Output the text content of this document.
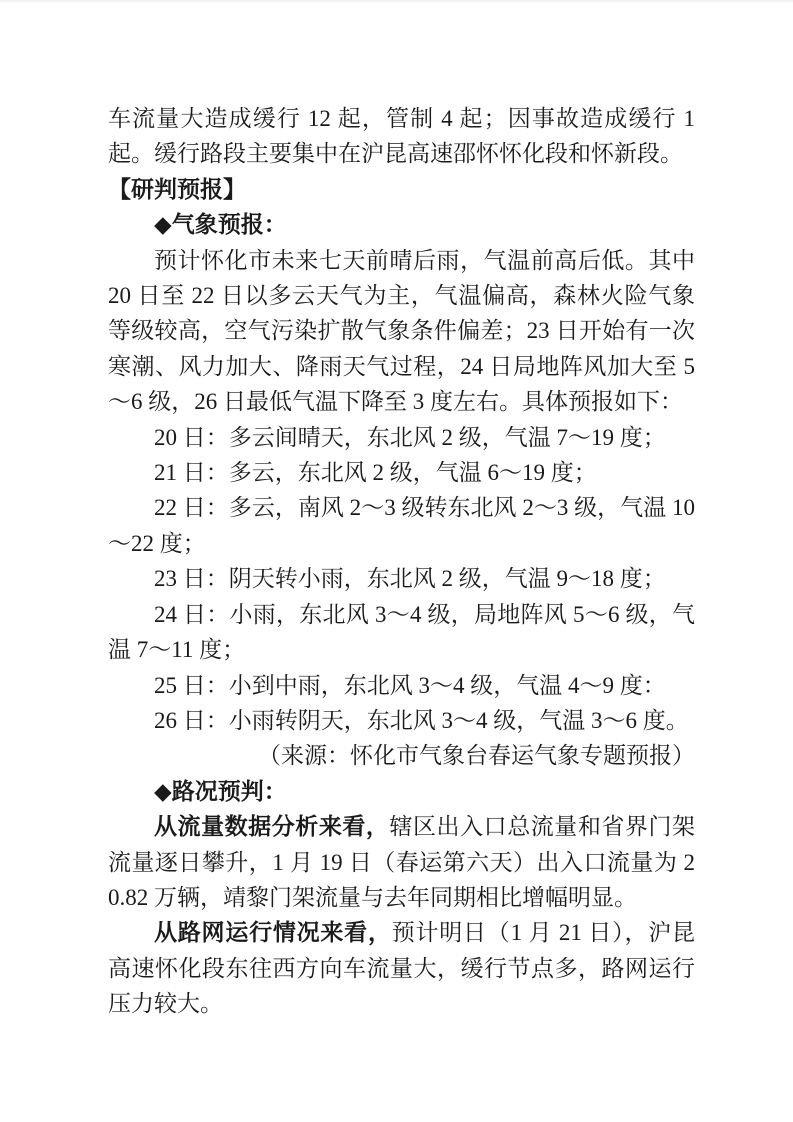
车流量大造成缓行 12 起，管制 4 起；因事故造成缓行 1 起。缓行路段主要集中在沪昆高速邵怀怀化段和怀新段。

【研判预报】

◆气象预报：

预计怀化市未来七天前晴后雨，气温前高后低。其中 20 日至 22 日以多云天气为主，气温偏高，森林火险气象等级较高，空气污染扩散气象条件偏差；23 日开始有一次寒潮、风力加大、降雨天气过程，24 日局地阵风加大至 5～6 级，26 日最低气温下降至 3 度左右。具体预报如下：

20 日：多云间晴天，东北风 2 级，气温 7～19 度；

21 日：多云，东北风 2 级，气温 6～19 度；

22 日：多云，南风 2～3 级转东北风 2～3 级，气温 10～22 度；

23 日：阴天转小雨，东北风 2 级，气温 9～18 度；

24 日：小雨，东北风 3～4 级，局地阵风 5～6 级，气温 7～11 度；

25 日：小到中雨，东北风 3～4 级，气温 4～9 度：

26 日：小雨转阴天，东北风 3～4 级，气温 3～6 度。

（来源：怀化市气象台春运气象专题预报）

◆路况预判：

从流量数据分析来看，辖区出入口总流量和省界门架流量逐日攀升，1 月 19 日（春运第六天）出入口流量为 20.82 万辆，靖黎门架流量与去年同期相比增幅明显。

从路网运行情况来看，预计明日（1 月 21 日），沪昆高速怀化段东往西方向车流量大，缓行节点多，路网运行压力较大。
